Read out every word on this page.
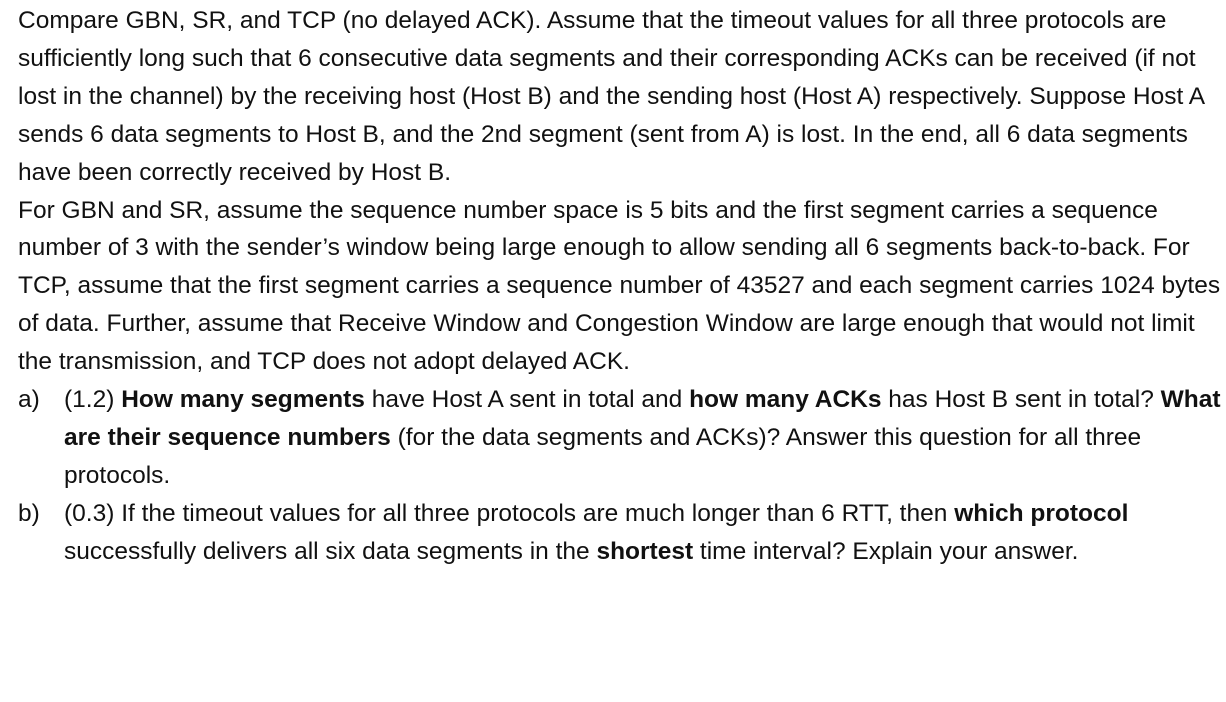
Compare GBN, SR, and TCP (no delayed ACK). Assume that the timeout values for all three protocols are sufficiently long such that 6 consecutive data segments and their corresponding ACKs can be received (if not lost in the channel) by the receiving host (Host B) and the sending host (Host A) respectively. Suppose Host A sends 6 data segments to Host B, and the 2nd segment (sent from A) is lost. In the end, all 6 data segments have been correctly received by Host B.

For GBN and SR, assume the sequence number space is 5 bits and the first segment carries a sequence number of 3 with the sender’s window being large enough to allow sending all 6 segments back-to-back. For TCP, assume that the first segment carries a sequence number of 43527 and each segment carries 1024 bytes of data. Further, assume that Receive Window and Congestion Window are large enough that would not limit the transmission, and TCP does not adopt delayed ACK.

a) (1.2) How many segments have Host A sent in total and how many ACKs has Host B sent in total? What are their sequence numbers (for the data segments and ACKs)? Answer this question for all three protocols.
b) (0.3) If the timeout values for all three protocols are much longer than 6 RTT, then which protocol successfully delivers all six data segments in the shortest time interval? Explain your answer.
